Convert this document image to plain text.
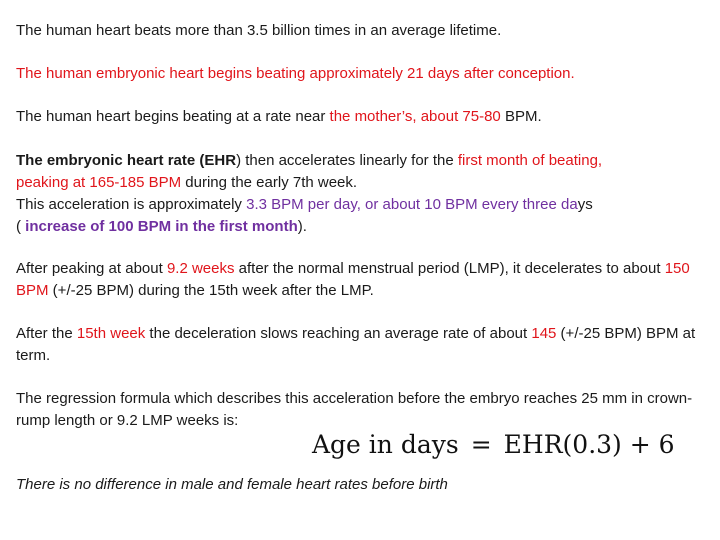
The human heart beats more than 3.5 billion times in an average lifetime.

The human embryonic heart begins beating approximately 21 days after conception.

The human heart begins beating at a rate near the mother’s, about 75-80 BPM.

The embryonic heart rate (EHR) then accelerates linearly for the first month of beating,
peaking at 165-185 BPM during the early 7th week.
This acceleration is approximately 3.3 BPM per day, or about 10 BPM every three days
( increase of 100 BPM in the first month).

After peaking at about 9.2 weeks after the normal menstrual period (LMP), it decelerates to about 150 BPM (+/-25 BPM) during the 15th week after the LMP.

After the 15th week the deceleration slows reaching an average rate of about 145 (+/-25 BPM) BPM at term.

The regression formula which describes this acceleration before the embryo reaches 25 mm in crown-rump length or 9.2 LMP weeks is:

Age in days = EHR(0.3) + 6

There is no difference in male and female heart rates before birth
